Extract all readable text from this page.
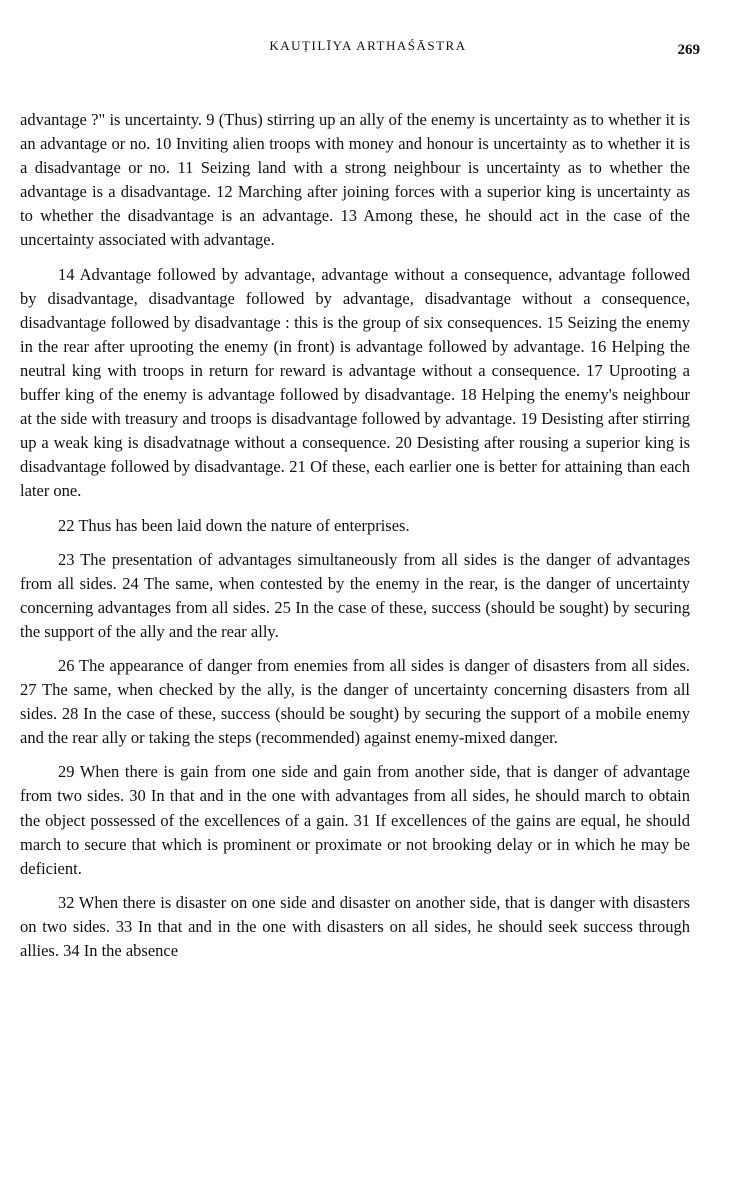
KAUṬILĪYA ARTHAŚĀSTRA	269

advantage ?" is uncertainty. 9 (Thus) stirring up an ally of the enemy is uncertainty as to whether it is an advantage or no. 10 Inviting alien troops with money and honour is uncertainty as to whether it is a disadvantage or no. 11 Seizing land with a strong neighbour is uncertainty as to whether the advantage is a disadvantage. 12 Marching after joining forces with a superior king is uncertainty as to whether the disadvantage is an advantage. 13 Among these, he should act in the case of the uncertainty associated with advantage.

14 Advantage followed by advantage, advantage without a consequence, advantage followed by disadvantage, disadvantage followed by advantage, disadvantage without a consequence, disadvantage followed by disadvantage : this is the group of six consequences. 15 Seizing the enemy in the rear after uprooting the enemy (in front) is advantage followed by advantage. 16 Helping the neutral king with troops in return for reward is advantage without a consequence. 17 Uprooting a buffer king of the enemy is advantage followed by disadvantage. 18 Helping the enemy's neighbour at the side with treasury and troops is disadvantage followed by advantage. 19 Desisting after stirring up a weak king is disadvatnage without a consequence. 20 Desisting after rousing a superior king is disadvantage followed by disadvantage. 21 Of these, each earlier one is better for attaining than each later one.

22 Thus has been laid down the nature of enterprises.

23 The presentation of advantages simultaneously from all sides is the danger of advantages from all sides. 24 The same, when contested by the enemy in the rear, is the danger of uncertainty concerning advantages from all sides. 25 In the case of these, success (should be sought) by securing the support of the ally and the rear ally.

26 The appearance of danger from enemies from all sides is danger of disasters from all sides. 27 The same, when checked by the ally, is the danger of uncertainty concerning disasters from all sides. 28 In the case of these, success (should be sought) by securing the support of a mobile enemy and the rear ally or taking the steps (recommended) against enemy-mixed danger.

29 When there is gain from one side and gain from another side, that is danger of advantage from two sides. 30 In that and in the one with advantages from all sides, he should march to obtain the object possessed of the excellences of a gain. 31 If excellences of the gains are equal, he should march to secure that which is prominent or proximate or not brooking delay or in which he may be deficient.

32 When there is disaster on one side and disaster on another side, that is danger with disasters on two sides. 33 In that and in the one with disasters on all sides, he should seek success through allies. 34 In the absence
